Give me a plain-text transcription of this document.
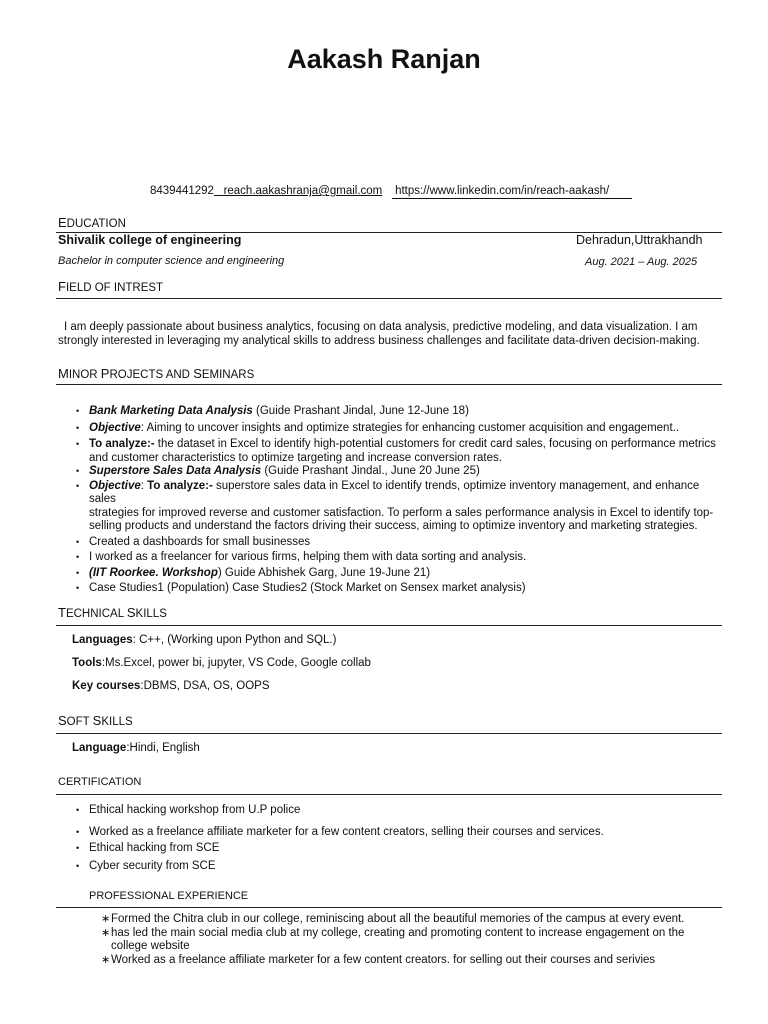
Aakash Ranjan
8439441292 reach.aakashranja@gmail.com https://www.linkedin.com/in/reach-aakash/
EDUCATION
Shivalik college of engineering	Dehradun,Uttrakhandh
Bachelor in computer science and engineering	Aug. 2021 – Aug. 2025
FIELD OF INTREST
I am deeply passionate about business analytics, focusing on data analysis, predictive modeling, and data visualization. I am
strongly interested in leveraging my analytical skills to address business challenges and facilitate data-driven decision-making.
MINOR PROJECTS AND SEMINARS
• Bank Marketing Data Analysis (Guide Prashant Jindal, June 12-June 18)
• Objective: Aiming to uncover insights and optimize strategies for enhancing customer acquisition and engagement..
• To analyze:- the dataset in Excel to identify high-potential customers for credit card sales, focusing on performance metrics
and customer characteristics to optimize targeting and increase conversion rates.
• Superstore Sales Data Analysis (Guide Prashant Jindal., June 20 June 25)
• Objective: To analyze:- superstore sales data in Excel to identify trends, optimize inventory management, and enhance sales
strategies for improved reverse and customer satisfaction. To perform a sales performance analysis in Excel to identify top-
selling products and understand the factors driving their success, aiming to optimize inventory and marketing strategies.
• Created a dashboards for small businesses
• I worked as a freelancer for various firms, helping them with data sorting and analysis.
• (IIT Roorkee. Workshop) Guide Abhishek Garg, June 19-June 21)
• Case Studies1 (Population) Case Studies2 (Stock Market on Sensex market analysis)
TECHNICAL SKILLS
Languages: C++, (Working upon Python and SQL.)
Tools:Ms.Excel, power bi, jupyter, VS Code, Google collab
Key courses:DBMS, DSA, OS, OOPS
SOFT SKILLS
Language:Hindi, English
CERTIFICATION
• Ethical hacking workshop from U.P police
• Worked as a freelance affiliate marketer for a few content creators, selling their courses and services.
• Ethical hacking from SCE
• Cyber security from SCE
PROFESSIONAL EXPERIENCE
∗ Formed the Chitra club in our college, reminiscing about all the beautiful memories of the campus at every event.
∗ has led the main social media club at my college, creating and promoting content to increase engagement on the
college website
∗ Worked as a freelance affiliate marketer for a few content creators. for selling out their courses and serivies
